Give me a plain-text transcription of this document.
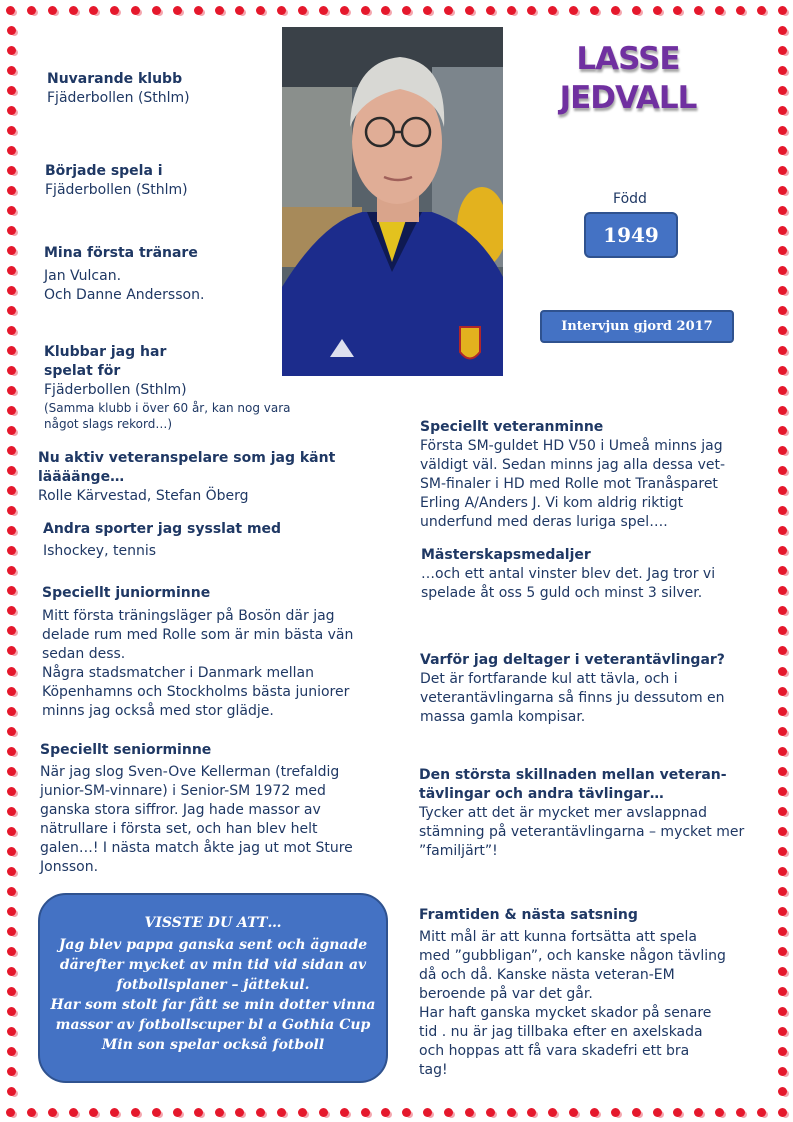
Nuvarande klubb
Fjäderbollen (Sthlm)
Började spela i
Fjäderbollen (Sthlm)
Mina första tränare
Jan Vulcan.
Och Danne Andersson.
Klubbar jag har
spelat för
Fjäderbollen (Sthlm)
(Samma klubb i över 60 år, kan nog vara
något slags rekord…)
Nu aktiv veteranspelare som jag känt
läääänge…
Rolle Kärvestad, Stefan Öberg
Andra sporter jag sysslat med
Ishockey, tennis
Speciellt juniorminne
Mitt första träningsläger på Bosön där jag
delade rum med Rolle som är min bästa vän
sedan dess.
Några stadsmatcher i Danmark mellan
Köpenhamns och Stockholms bästa juniorer
minns jag också med stor glädje.
Speciellt seniorminne
När jag slog Sven-Ove Kellerman (trefaldig
junior-SM-vinnare) i Senior-SM 1972 med
ganska stora siffror. Jag hade massor av
nätrullare i första set, och han blev helt
galen…! I nästa match åkte jag ut mot Sture
Jonsson.
LASSE
JEDVALL
Född
1949
Intervjun gjord 2017
Speciellt veteranminne
Första SM-guldet HD V50 i Umeå minns jag
väldigt väl. Sedan minns jag alla dessa vet-
SM-finaler i HD med Rolle mot Tranåsparet
Erling A/Anders J. Vi kom aldrig riktigt
underfund med deras luriga spel….
Mästerskapsmedaljer
…och ett antal vinster blev det. Jag tror vi
spelade åt oss 5 guld och minst 3 silver.
Varför jag deltager i veterantävlingar?
Det är fortfarande kul att tävla, och i
veterantävlingarna så finns ju dessutom en
massa gamla kompisar.
Den största skillnaden mellan veteran-
tävlingar och andra tävlingar…
Tycker att det är mycket mer avslappnad
stämning på veterantävlingarna – mycket mer
”familjärt”!
Framtiden & nästa satsning
Mitt mål är att kunna fortsätta att spela
med ”gubbligan”, och kanske någon tävling
då och då. Kanske nästa veteran-EM
beroende på var det går.
Har haft ganska mycket skador på senare
tid . nu är jag tillbaka efter en axelskada
och hoppas att få vara skadefri ett bra
tag!
VISSTE DU ATT…
Jag blev pappa ganska sent och ägnade
därefter mycket av min tid vid sidan av
fotbollsplaner – jättekul.
Har som stolt far fått se min dotter vinna
massor av fotbollscuper bl a Gothia Cup
Min son spelar också fotboll
